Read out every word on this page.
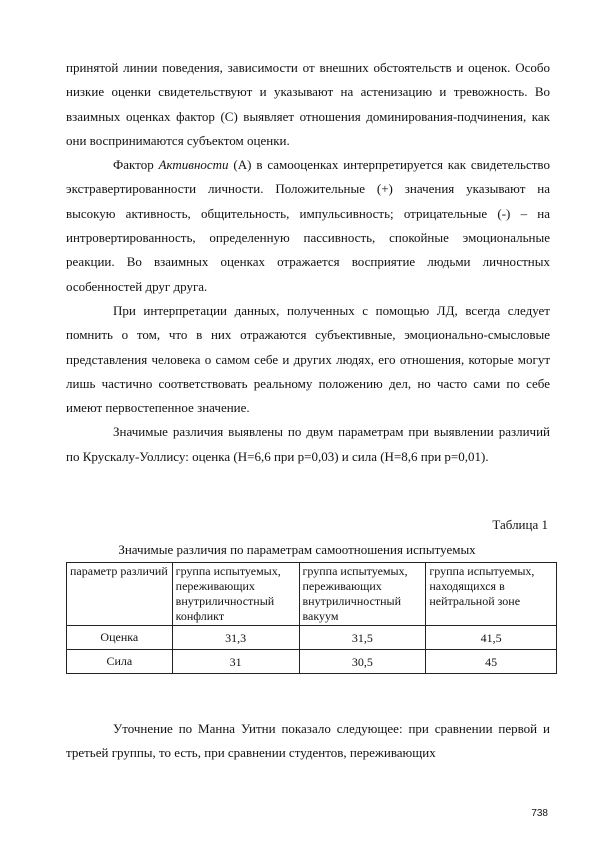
принятой линии поведения, зависимости от внешних обстоятельств и оценок. Особо низкие оценки свидетельствуют и указывают на астенизацию и тревожность. Во взаимных оценках фактор (С) выявляет отношения доминирования-подчинения, как они воспринимаются субъектом оценки.

Фактор Активности (А) в самооценках интерпретируется как свидетельство экстравертированности личности. Положительные (+) значения указывают на высокую активность, общительность, импульсивность; отрицательные (-) – на интровертированность, определенную пассивность, спокойные эмоциональные реакции. Во взаимных оценках отражается восприятие людьми личностных особенностей друг друга.

При интерпретации данных, полученных с помощью ЛД, всегда следует помнить о том, что в них отражаются субъективные, эмоционально-смысловые представления человека о самом себе и других людях, его отношения, которые могут лишь частично соответствовать реальному положению дел, но часто сами по себе имеют первостепенное значение.

Значимые различия выявлены по двум параметрам при выявлении различий по Крускалу-Уоллису: оценка (Н=6,6 при р=0,03) и сила (Н=8,6 при р=0,01).

Таблица 1
Значимые различия по параметрам самоотношения испытуемых
параметр различий	группа испытуемых, переживающих внутриличностный конфликт	группа испытуемых, переживающих внутриличностный вакуум	группа испытуемых, находящихся в нейтральной зоне
Оценка	31,3	31,5	41,5
Сила	31	30,5	45

Уточнение по Манна Уитни показало следующее: при сравнении первой и третьей группы, то есть, при сравнении студентов, переживающих

738
